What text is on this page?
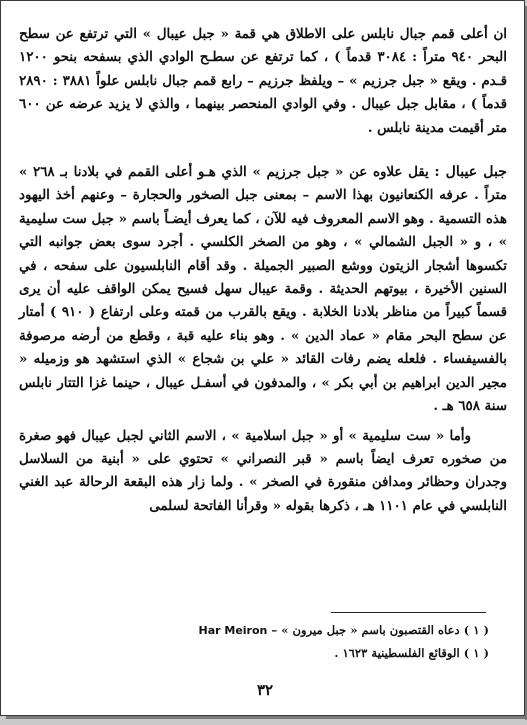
ان أعلى قمم جبال نابلس على الاطلاق هي قمة « جبل عيبال » التي ترتفع عن سطح البحر ٩٤٠ متراً : ٣٠٨٤ قدماً ) ، كما ترتفع عن سطـح الوادي الذي بسفحه بنحو ١٢٠٠ قـدم . ويقع « جبل جرزيم » – ويلفظ جرزيم – رابع قمم جبال نابلس علواً ٣٨٨١ : ٢٨٩٠ قدماً ) ، مقابل جبل عيبال . وفي الوادي المنحصر بينهما ، والذي لا يزيد عرضه عن ٦٠٠ متر أقيمت مدينة نابلس .

جبل عيبال : يقل علاوه عن « جبل جرزيم » الذي هـو أعلى القمم في بلادنا بـ ٢٦٨ » متراً . عرفه الكنعانيون بهذا الاسم – بمعنى جبل الصخور والحجارة – وعنهم أخذ اليهود هذه التسمية . وهو الاسم المعروف فيه للآن ، كما يعرف أيضـاً باسم « جبل ست سليمية » ، و « الجبل الشمالي » ، وهو من الصخر الكلسي . أجرد سوى بعض جوانبه التي تكسوها أشجار الزيتون ووشع الصبير الجميلة . وقد أقام النابلسيون على سفحه ، في السنين الأخيرة ، بيوتهم الحديثة . وقمة عيبال سهل فسيح يمكن الواقف عليه أن يرى قسماً كبيراً من مناظر بلادنا الخلابة . ويقع بالقرب من قمته وعلى ارتفاع ( ٩١٠ ) أمتار عن سطح البحر مقام « عماد الدين » . وهو بناء عليه قبة ، وقطع من أرضه مرصوفة بالفسيفساء . فلعله يضم رفات القائد « علي بن شجاع » الذي استشهد هو وزميله « مجير الدين ابراهيم بن أبي بكر » ، والمدفون في أسفـل عيبال ، حينما غزا التتار نابلس سنة ٦٥٨ هـ .

وأما « ست سليمية » أو « جبل اسلامية » ، الاسم الثاني لجبل عيبال فهو صغرة من صخوره تعرف ايضاً باسم « قبر النصراني » تحتوي على « أبنية من السلاسل وجدران وحظائر ومدافن منقورة في الصخر » . ولما زار هذه البقعة الرحالة عبد الغني النابلسي في عام ١١٠١ هـ ، ذكرها بقوله « وقرأنا الفاتحة لسلمى

( ١ ) دعاه القتصبون باسم « جبل ميرون » – Har Meiron
( ١ ) الوقائع الفلسطينية ١٦٢٣ .
٣٢
